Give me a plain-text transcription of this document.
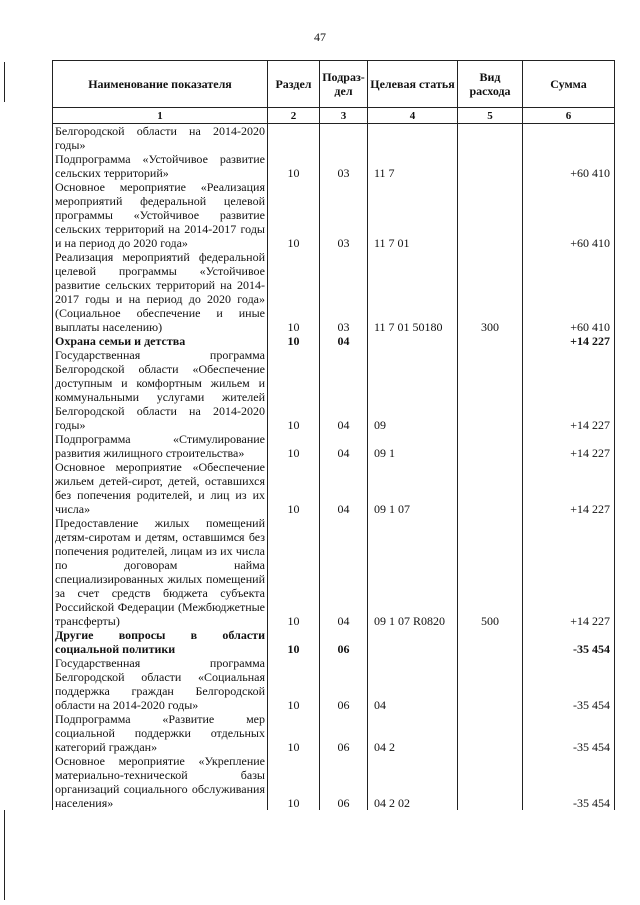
47
Наименование показателя	Раздел	Подраз-дел	Целевая статья	Вид расхода	Сумма
1	2	3	4	5	6
Белгородской области на 2014-2020 годы»					
Подпрограмма «Устойчивое развитие сельских территорий»	10	03	11 7		+60 410
Основное мероприятие «Реализация мероприятий федеральной целевой программы «Устойчивое развитие сельских территорий на 2014-2017 годы и на период до 2020 года»	10	03	11 7 01		+60 410
Реализация мероприятий федеральной целевой программы «Устойчивое развитие сельских территорий на 2014-2017 годы и на период до 2020 года» (Социальное обеспечение и иные выплаты населению)	10	03	11 7 01 50180	300	+60 410
Охрана семьи и детства	10	04			+14 227
Государственная программа Белгородской области «Обеспечение доступным и комфортным жильем и коммунальными услугами жителей Белгородской области на 2014-2020 годы»	10	04	09		+14 227
Подпрограмма «Стимулирование развития жилищного строительства»	10	04	09 1		+14 227
Основное мероприятие «Обеспечение жильем детей-сирот, детей, оставшихся без попечения родителей, и лиц из их числа»	10	04	09 1 07		+14 227
Предоставление жилых помещений детям-сиротам и детям, оставшимся без попечения родителей, лицам из их числа по договорам найма специализированных жилых помещений за счет средств бюджета субъекта Российской Федерации (Межбюджетные трансферты)	10	04	09 1 07 R0820	500	+14 227
Другие вопросы в области социальной политики	10	06			-35 454
Государственная программа Белгородской области «Социальная поддержка граждан Белгородской области на 2014-2020 годы»	10	06	04		-35 454
Подпрограмма «Развитие мер социальной поддержки отдельных категорий граждан»	10	06	04 2		-35 454
Основное мероприятие «Укрепление материально-технической базы организаций социального обслуживания населения»	10	06	04 2 02		-35 454
